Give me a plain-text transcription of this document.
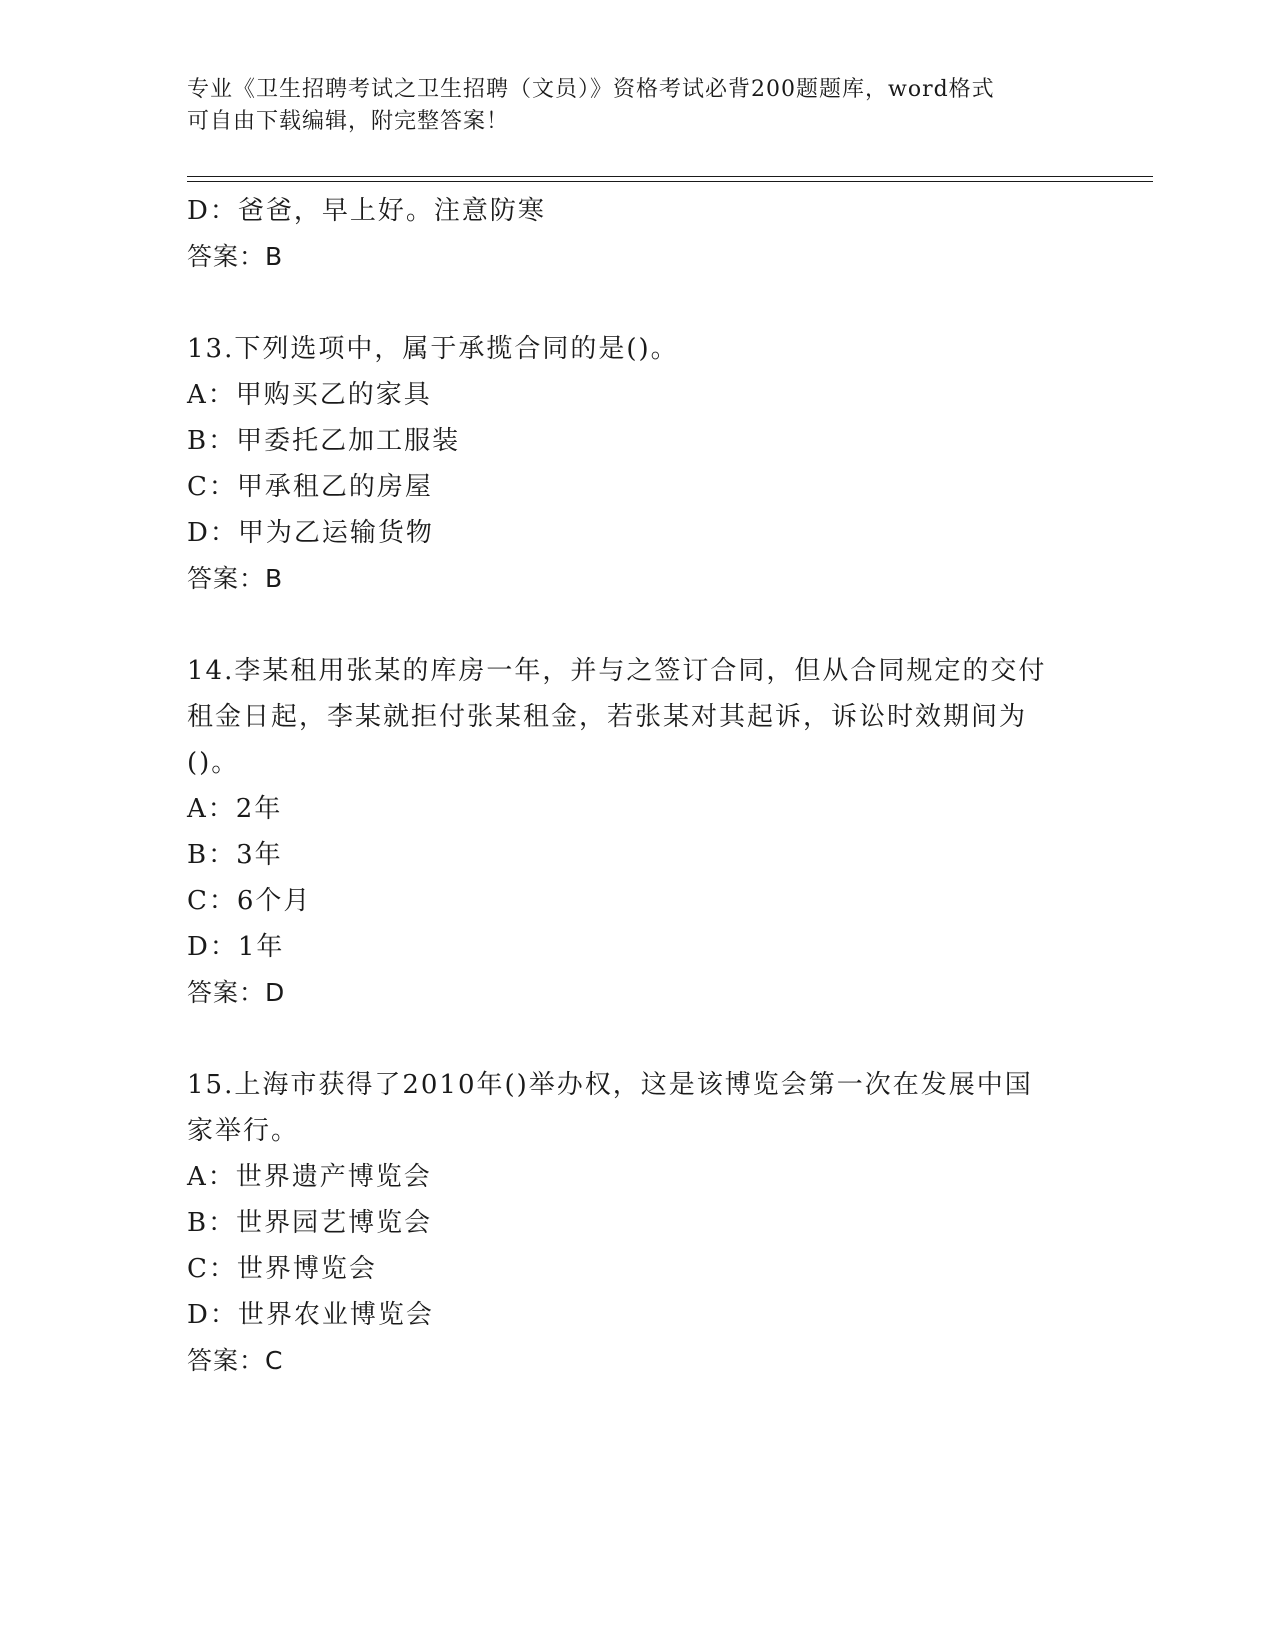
专业《卫生招聘考试之卫生招聘（文员）》资格考试必背200题题库，word格式
可自由下载编辑，附完整答案！
D：爸爸，早上好。注意防寒
答案：B
13.下列选项中，属于承揽合同的是()。
A：甲购买乙的家具
B：甲委托乙加工服装
C：甲承租乙的房屋
D：甲为乙运输货物
答案：B
14.李某租用张某的库房一年，并与之签订合同，但从合同规定的交付
租金日起，李某就拒付张某租金，若张某对其起诉，诉讼时效期间为
()。
A：2年
B：3年
C：6个月
D：1年
答案：D
15.上海市获得了2010年()举办权，这是该博览会第一次在发展中国
家举行。
A：世界遗产博览会
B：世界园艺博览会
C：世界博览会
D：世界农业博览会
答案：C
